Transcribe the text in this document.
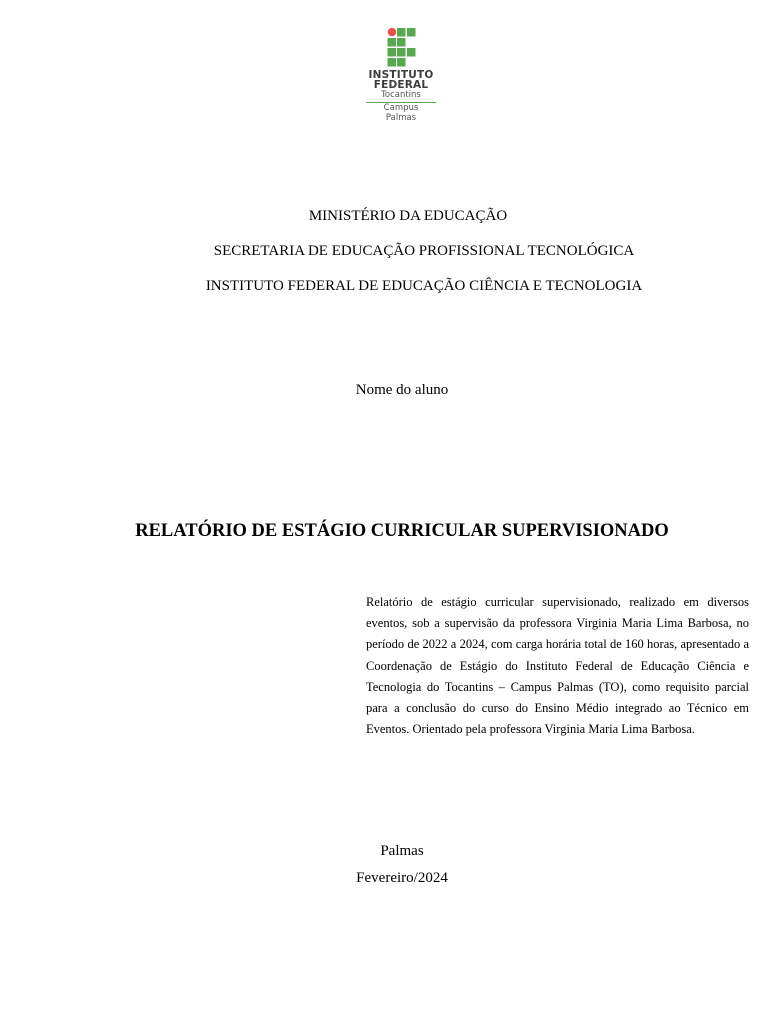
INSTITUTO
FEDERAL
Tocantins
Campus
Palmas
MINISTÉRIO DA EDUCAÇÃO
SECRETARIA DE EDUCAÇÃO PROFISSIONAL TECNOLÓGICA
INSTITUTO FEDERAL DE EDUCAÇÃO CIÊNCIA E TECNOLOGIA
Nome do aluno
RELATÓRIO DE ESTÁGIO CURRICULAR SUPERVISIONADO
Relatório de estágio curricular supervisionado, realizado em diversos eventos, sob a supervisão da professora Virginia Maria Lima Barbosa, no período de 2022 a 2024, com carga horária total de 160 horas, apresentado a Coordenação de Estágio do Instituto Federal de Educação Ciência e Tecnologia do Tocantins – Campus Palmas (TO), como requisito parcial para a conclusão do curso do Ensino Médio integrado ao Técnico em Eventos. Orientado pela professora Virginia Maria Lima Barbosa.
Palmas
Fevereiro/2024
